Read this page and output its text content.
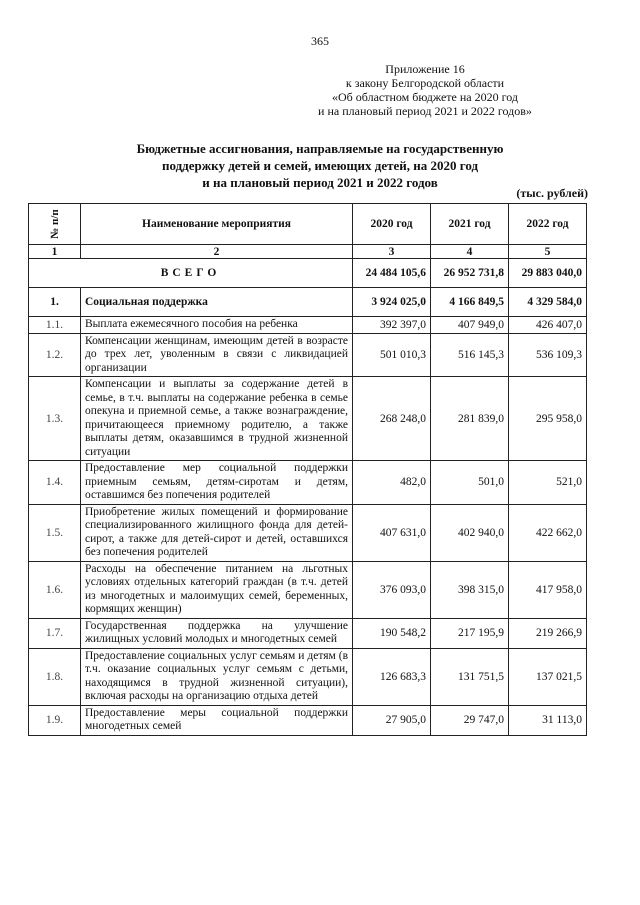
365
Приложение 16
к закону Белгородской области
«Об областном бюджете на 2020 год
и на плановый период 2021 и 2022 годов»
Бюджетные ассигнования, направляемые на государственную
поддержку детей и семей, имеющих детей, на 2020 год
и на плановый период 2021 и 2022 годов
(тыс. рублей)
№ п/п	Наименование мероприятия	2020 год	2021 год	2022 год
1	2	3	4	5
ВСЕГО		24 484 105,6	26 952 731,8	29 883 040,0
1.	Социальная поддержка	3 924 025,0	4 166 849,5	4 329 584,0
1.1.	Выплата ежемесячного пособия на ребенка	392 397,0	407 949,0	426 407,0
1.2.	Компенсации женщинам, имеющим детей в возрасте до трех лет, уволенным в связи с ликвидацией организации	501 010,3	516 145,3	536 109,3
1.3.	Компенсации и выплаты за содержание детей в семье, в т.ч. выплаты на содержание ребенка в семье опекуна и приемной семье, а также вознаграждение, причитающееся приемному родителю, а также выплаты детям, оказавшимся в трудной жизненной ситуации	268 248,0	281 839,0	295 958,0
1.4.	Предоставление мер социальной поддержки приемным семьям, детям-сиротам и детям, оставшимся без попечения родителей	482,0	501,0	521,0
1.5.	Приобретение жилых помещений и формирование специализированного жилищного фонда для детей-сирот, а также для детей-сирот и детей, оставшихся без попечения родителей	407 631,0	402 940,0	422 662,0
1.6.	Расходы на обеспечение питанием на льготных условиях отдельных категорий граждан (в т.ч. детей из многодетных и малоимущих семей, беременных, кормящих женщин)	376 093,0	398 315,0	417 958,0
1.7.	Государственная поддержка на улучшение жилищных условий молодых и многодетных семей	190 548,2	217 195,9	219 266,9
1.8.	Предоставление социальных услуг семьям и детям (в т.ч. оказание социальных услуг семьям с детьми, находящимся в трудной жизненной ситуации), включая расходы на организацию отдыха детей	126 683,3	131 751,5	137 021,5
1.9.	Предоставление меры социальной поддержки многодетных семей	27 905,0	29 747,0	31 113,0
